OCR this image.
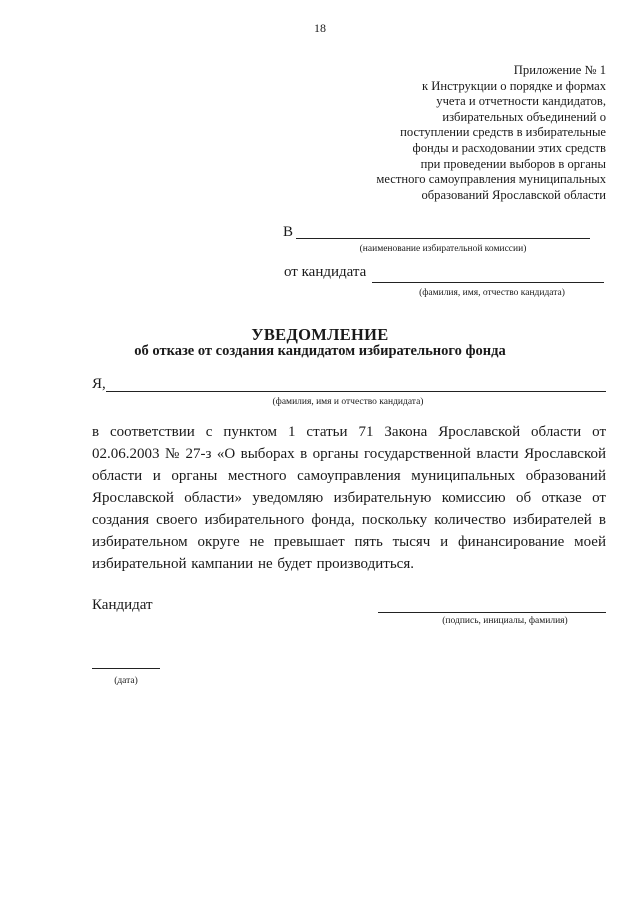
18
Приложение № 1
к Инструкции о порядке и формах
учета и отчетности кандидатов,
избирательных объединений о
поступлении средств в избирательные
фонды и расходовании этих средств
при проведении выборов в органы
местного самоуправления муниципальных
образований Ярославской области
В
(наименование избирательной комиссии)
от кандидата
(фамилия, имя, отчество кандидата)
УВЕДОМЛЕНИЕ
об отказе от создания кандидатом избирательного фонда
Я,
(фамилия, имя и отчество кандидата)
в соответствии с пунктом 1 статьи 71 Закона Ярославской области от 02.06.2003 № 27-з «О выборах в органы государственной власти Ярославской области и органы местного самоуправления муниципальных образований Ярославской области» уведомляю избирательную комиссию об отказе от создания своего избирательного фонда, поскольку количество избирателей в избирательном округе не превышает пять тысяч и финансирование моей избирательной кампании не будет производиться.
Кандидат
(подпись, инициалы, фамилия)
(дата)
